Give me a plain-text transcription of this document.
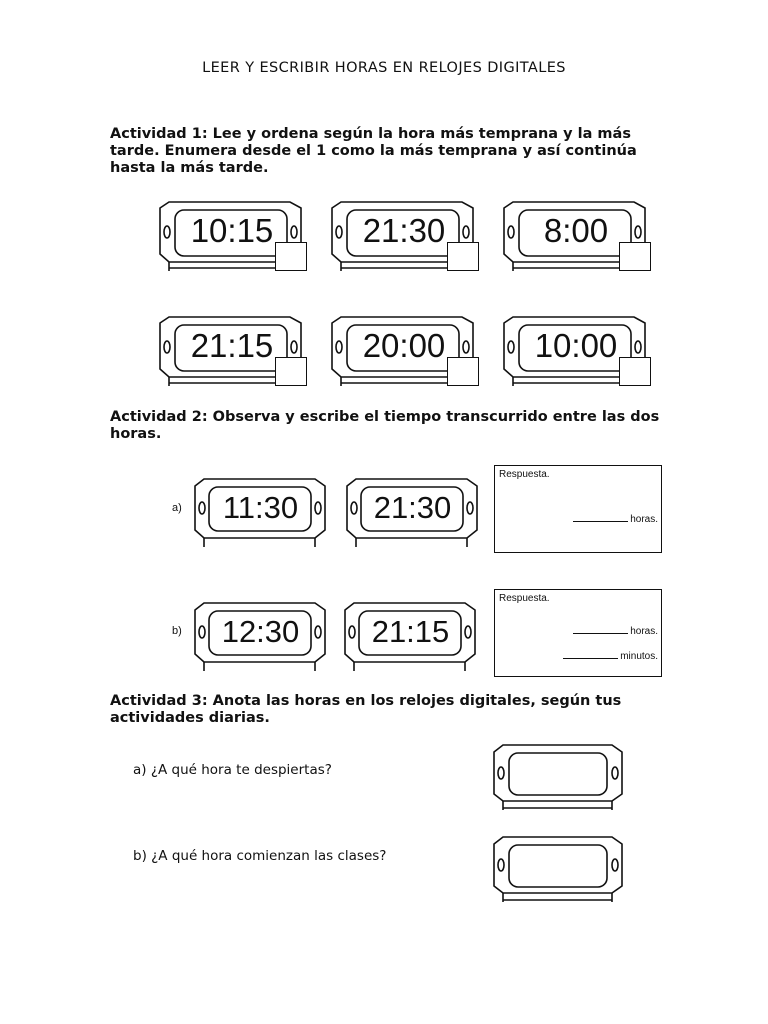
LEER Y ESCRIBIR HORAS EN RELOJES DIGITALES
Actividad 1: Lee y ordena según la hora más temprana y la más tarde. Enumera desde el 1 como la más temprana y así continúa hasta la más tarde.
10:15	21:30	8:00
21:15	20:00	10:00
Actividad 2: Observa y escribe el tiempo transcurrido entre las dos horas.
a)	11:30	21:30
Respuesta.
horas.
b)	12:30	21:15
Respuesta.
horas.
minutos.
Actividad 3: Anota las horas en los relojes digitales, según tus actividades diarias.
a) ¿A qué hora te despiertas?
b) ¿A qué hora comienzan las clases?
